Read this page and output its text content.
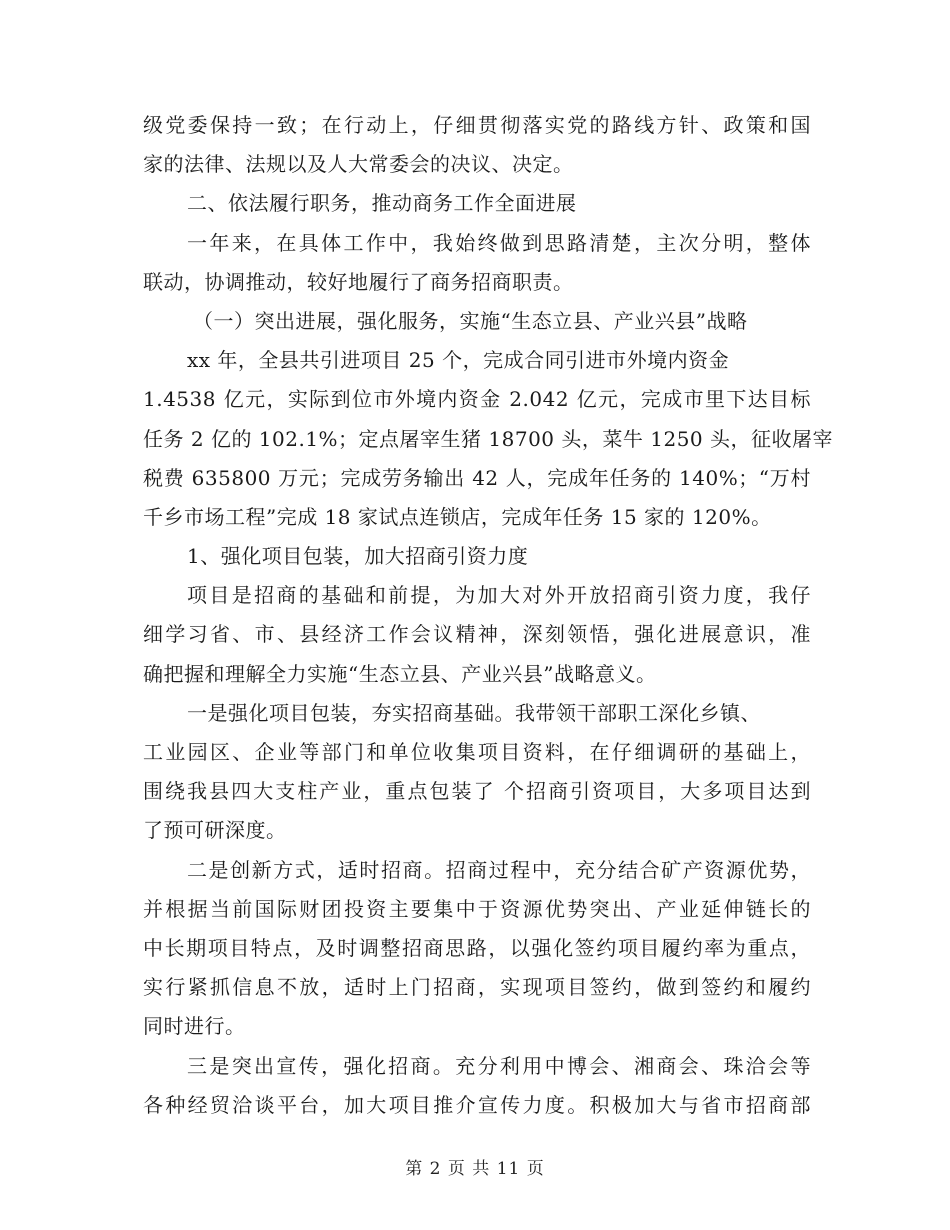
级党委保持一致；在行动上，仔细贯彻落实党的路线方针、政策和国
家的法律、法规以及人大常委会的决议、决定。
二、依法履行职务，推动商务工作全面进展
一年来，在具体工作中，我始终做到思路清楚，主次分明，整体
联动，协调推动，较好地履行了商务招商职责。
（一）突出进展，强化服务，实施“生态立县、产业兴县”战略
xx 年，全县共引进项目 25 个，完成合同引进市外境内资金
1.4538 亿元，实际到位市外境内资金 2.042 亿元，完成市里下达目标
任务 2 亿的 102.1%；定点屠宰生猪 18700 头，菜牛 1250 头，征收屠宰
税费 635800 万元；完成劳务输出 42 人，完成年任务的 140%；“万村
千乡市场工程”完成 18 家试点连锁店，完成年任务 15 家的 120%。
1、强化项目包装，加大招商引资力度
项目是招商的基础和前提，为加大对外开放招商引资力度，我仔
细学习省、市、县经济工作会议精神，深刻领悟，强化进展意识，准
确把握和理解全力实施“生态立县、产业兴县”战略意义。
一是强化项目包装，夯实招商基础。我带领干部职工深化乡镇、
工业园区、企业等部门和单位收集项目资料，在仔细调研的基础上，
围绕我县四大支柱产业，重点包装了 个招商引资项目，大多项目达到
了预可研深度。
二是创新方式，适时招商。招商过程中，充分结合矿产资源优势，
并根据当前国际财团投资主要集中于资源优势突出、产业延伸链长的
中长期项目特点，及时调整招商思路，以强化签约项目履约率为重点，
实行紧抓信息不放，适时上门招商，实现项目签约，做到签约和履约
同时进行。
三是突出宣传，强化招商。充分利用中博会、湘商会、珠洽会等
各种经贸洽谈平台，加大项目推介宣传力度。积极加大与省市招商部
第 2 页 共 11 页
